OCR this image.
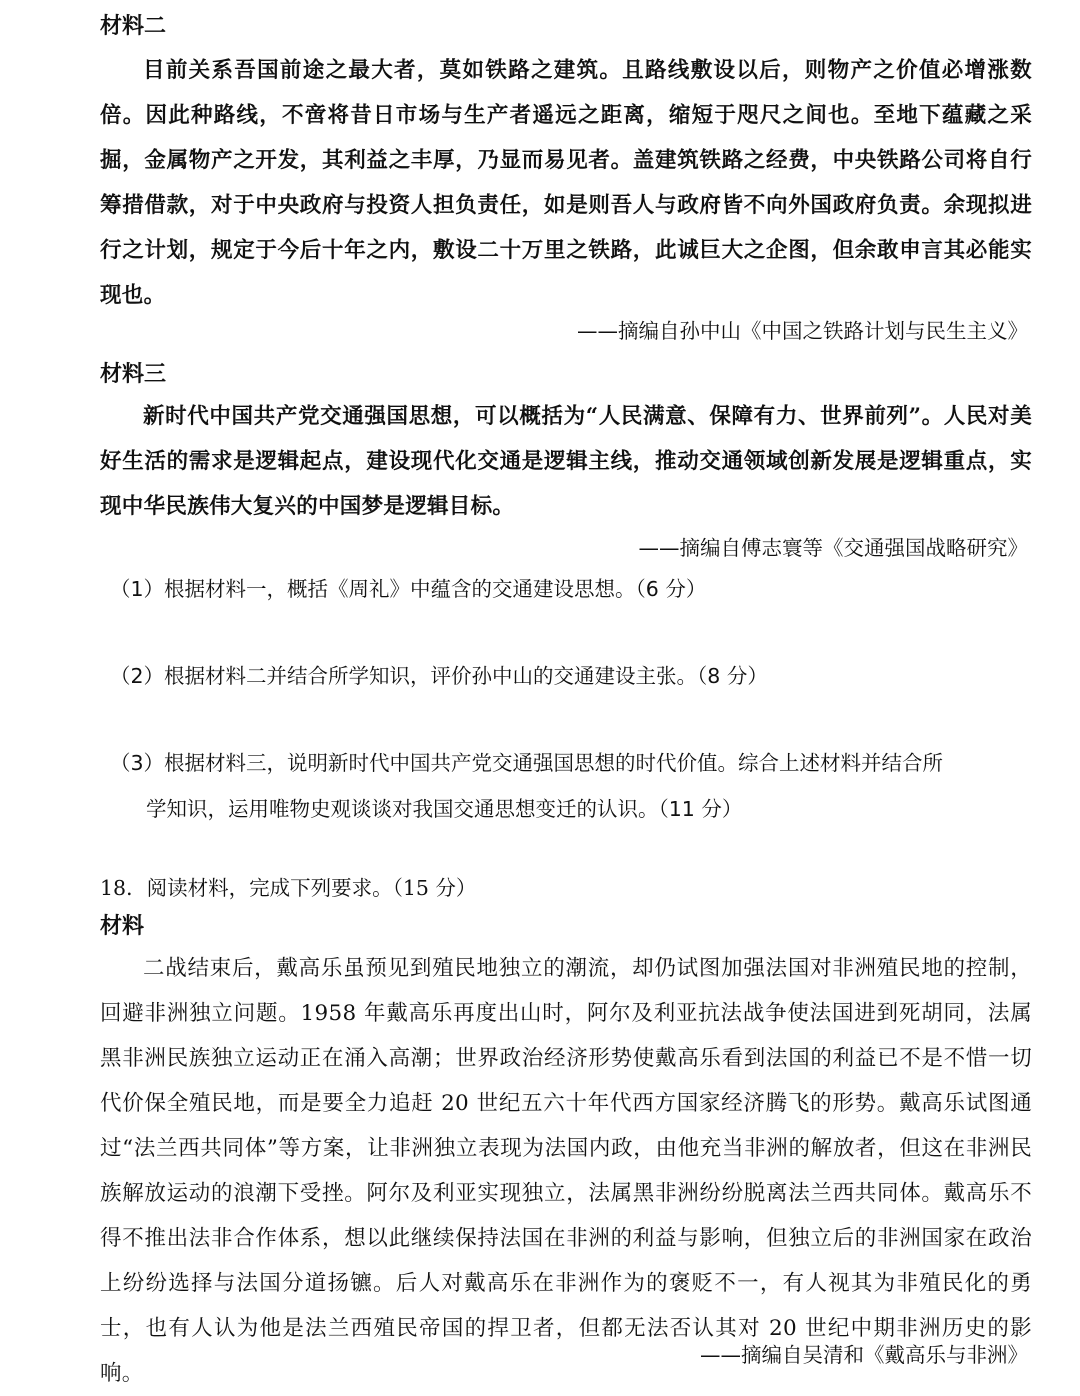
材料二

目前关系吾国前途之最大者，莫如铁路之建筑。且路线敷设以后，则物产之价值必增涨数倍。因此种路线，不啻将昔日市场与生产者遥远之距离，缩短于咫尺之间也。至地下蕴藏之采掘，金属物产之开发，其利益之丰厚，乃显而易见者。盖建筑铁路之经费，中央铁路公司将自行筹措借款，对于中央政府与投资人担负责任，如是则吾人与政府皆不向外国政府负责。余现拟进行之计划，规定于今后十年之内，敷设二十万里之铁路，此诚巨大之企图，但余敢申言其必能实现也。

——摘编自孙中山《中国之铁路计划与民生主义》
材料三

新时代中国共产党交通强国思想，可以概括为“人民满意、保障有力、世界前列”。人民对美好生活的需求是逻辑起点，建设现代化交通是逻辑主线，推动交通领域创新发展是逻辑重点，实现中华民族伟大复兴的中国梦是逻辑目标。

——摘编自傅志寰等《交通强国战略研究》

（1）根据材料一，概括《周礼》中蕴含的交通建设思想。（6 分）

（2）根据材料二并结合所学知识，评价孙中山的交通建设主张。（8 分）

（3）根据材料三，说明新时代中国共产党交通强国思想的时代价值。综合上述材料并结合所
学知识，运用唯物史观谈谈对我国交通思想变迁的认识。（11 分）
18．阅读材料，完成下列要求。（15 分）
材料

二战结束后，戴高乐虽预见到殖民地独立的潮流，却仍试图加强法国对非洲殖民地的控制，回避非洲独立问题。1958 年戴高乐再度出山时，阿尔及利亚抗法战争使法国进到死胡同，法属黑非洲民族独立运动正在涌入高潮；世界政治经济形势使戴高乐看到法国的利益已不是不惜一切代价保全殖民地，而是要全力追赶 20 世纪五六十年代西方国家经济腾飞的形势。戴高乐试图通过“法兰西共同体”等方案，让非洲独立表现为法国内政，由他充当非洲的解放者，但这在非洲民族解放运动的浪潮下受挫。阿尔及利亚实现独立，法属黑非洲纷纷脱离法兰西共同体。戴高乐不得不推出法非合作体系，想以此继续保持法国在非洲的利益与影响，但独立后的非洲国家在政治上纷纷选择与法国分道扬镳。后人对戴高乐在非洲作为的褒贬不一，有人视其为非殖民化的勇士，也有人认为他是法兰西殖民帝国的捍卫者，但都无法否认其对 20 世纪中期非洲历史的影响。

——摘编自吴清和《戴高乐与非洲》
